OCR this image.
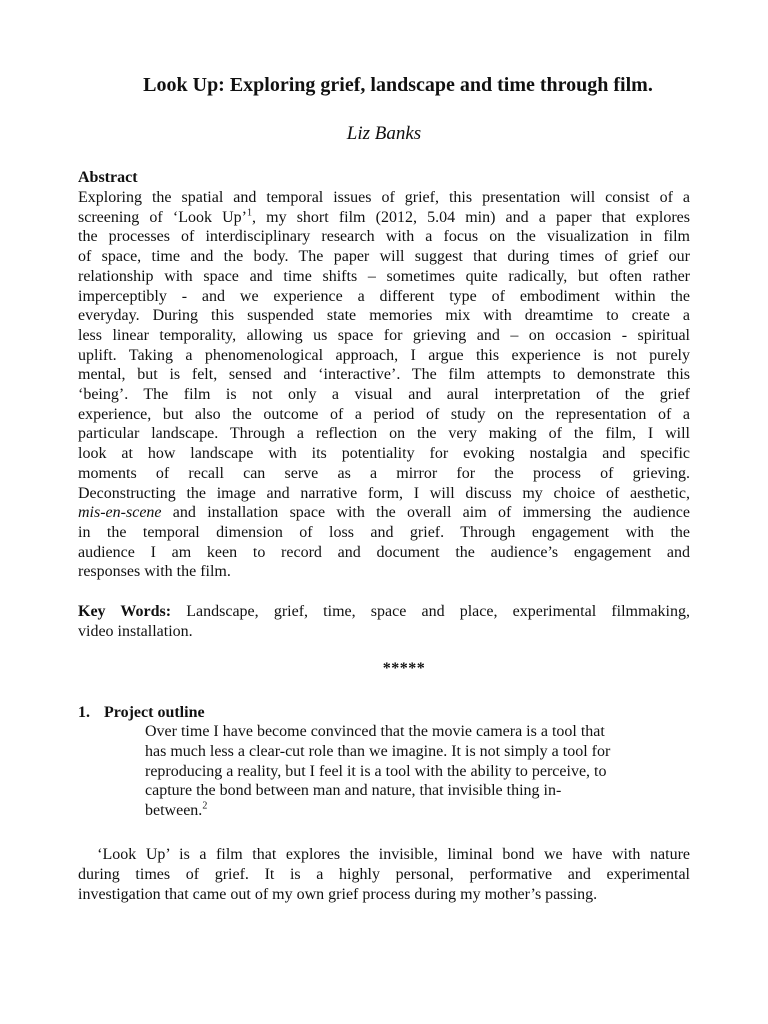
Look Up: Exploring grief, landscape and time through film.
Liz Banks
Abstract
Exploring the spatial and temporal issues of grief, this presentation will consist of a
screening of ‘Look Up’$^1$, my short film (2012, 5.04 min) and a paper that explores
the processes of interdisciplinary research with a focus on the visualization in film
of space, time and the body. The paper will suggest that during times of grief our
relationship with space and time shifts – sometimes quite radically, but often rather
imperceptibly - and we experience a different type of embodiment within the
everyday. During this suspended state memories mix with dreamtime to create a
less linear temporality, allowing us space for grieving and – on occasion - spiritual
uplift. Taking a phenomenological approach, I argue this experience is not purely
mental, but is felt, sensed and ‘interactive’. The film attempts to demonstrate this
‘being’. The film is not only a visual and aural interpretation of the grief
experience, but also the outcome of a period of study on the representation of a
particular landscape. Through a reflection on the very making of the film, I will
look at how landscape with its potentiality for evoking nostalgia and specific
moments of recall can serve as a mirror for the process of grieving.
Deconstructing the image and narrative form, I will discuss my choice of aesthetic,
mis-en-scene and installation space with the overall aim of immersing the audience
in the temporal dimension of loss and grief. Through engagement with the
audience I am keen to record and document the audience’s engagement and
responses with the film.
Key Words: Landscape, grief, time, space and place, experimental filmmaking,
video installation.
*****
1. Project outline
Over time I have become convinced that the movie camera is a tool that
has much less a clear-cut role than we imagine. It is not simply a tool for
reproducing a reality, but I feel it is a tool with the ability to perceive, to
capture the bond between man and nature, that invisible thing in-
between.$^2$
‘Look Up’ is a film that explores the invisible, liminal bond we have with nature
during times of grief. It is a highly personal, performative and experimental
investigation that came out of my own grief process during my mother’s passing.
